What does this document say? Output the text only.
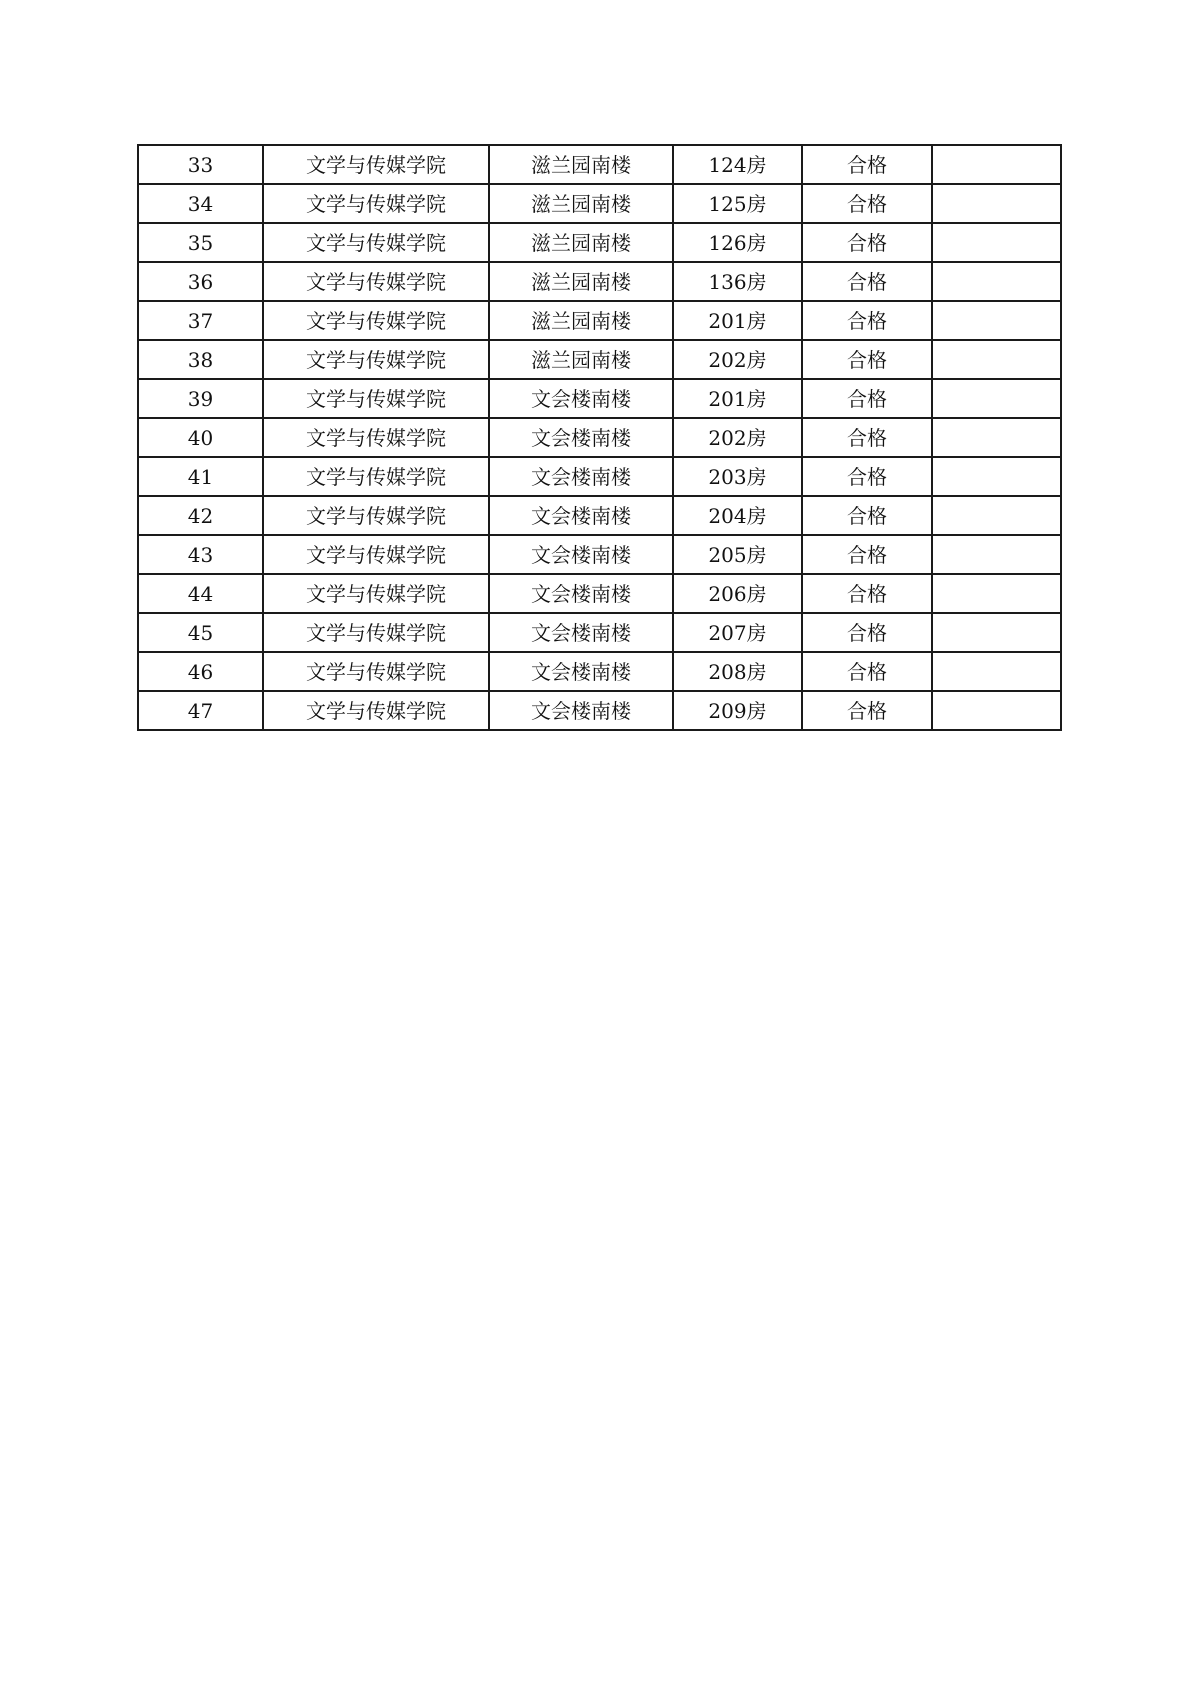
33	文学与传媒学院	滋兰园南楼	124房	合格	
34	文学与传媒学院	滋兰园南楼	125房	合格	
35	文学与传媒学院	滋兰园南楼	126房	合格	
36	文学与传媒学院	滋兰园南楼	136房	合格	
37	文学与传媒学院	滋兰园南楼	201房	合格	
38	文学与传媒学院	滋兰园南楼	202房	合格	
39	文学与传媒学院	文会楼南楼	201房	合格	
40	文学与传媒学院	文会楼南楼	202房	合格	
41	文学与传媒学院	文会楼南楼	203房	合格	
42	文学与传媒学院	文会楼南楼	204房	合格	
43	文学与传媒学院	文会楼南楼	205房	合格	
44	文学与传媒学院	文会楼南楼	206房	合格	
45	文学与传媒学院	文会楼南楼	207房	合格	
46	文学与传媒学院	文会楼南楼	208房	合格	
47	文学与传媒学院	文会楼南楼	209房	合格	
